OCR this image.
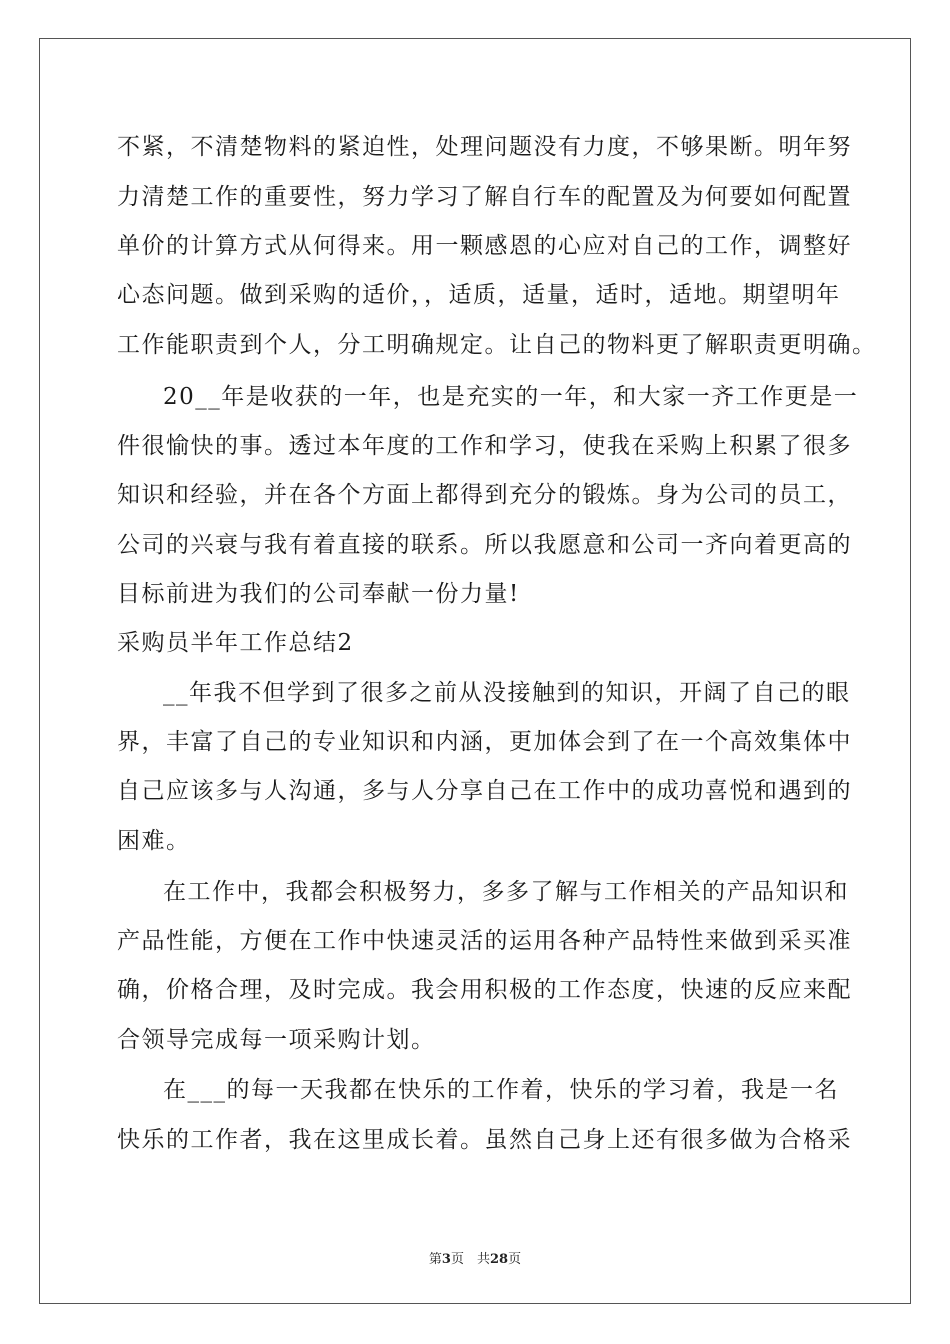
不紧，不清楚物料的紧迫性，处理问题没有力度，不够果断。明年努
力清楚工作的重要性，努力学习了解自行车的配置及为何要如何配置
单价的计算方式从何得来。用一颗感恩的心应对自己的工作，调整好
心态问题。做到采购的适价，，适质，适量，适时，适地。期望明年
工作能职责到个人，分工明确规定。让自己的物料更了解职责更明确。
20__年是收获的一年，也是充实的一年，和大家一齐工作更是一
件很愉快的事。透过本年度的工作和学习，使我在采购上积累了很多
知识和经验，并在各个方面上都得到充分的锻炼。身为公司的员工，
公司的兴衰与我有着直接的联系。所以我愿意和公司一齐向着更高的
目标前进为我们的公司奉献一份力量!
采购员半年工作总结2
__年我不但学到了很多之前从没接触到的知识，开阔了自己的眼
界，丰富了自己的专业知识和内涵，更加体会到了在一个高效集体中
自己应该多与人沟通，多与人分享自己在工作中的成功喜悦和遇到的
困难。
在工作中，我都会积极努力，多多了解与工作相关的产品知识和
产品性能，方便在工作中快速灵活的运用各种产品特性来做到采买准
确，价格合理，及时完成。我会用积极的工作态度，快速的反应来配
合领导完成每一项采购计划。
在___的每一天我都在快乐的工作着，快乐的学习着，我是一名
快乐的工作者，我在这里成长着。虽然自己身上还有很多做为合格采
第3页　共28页
